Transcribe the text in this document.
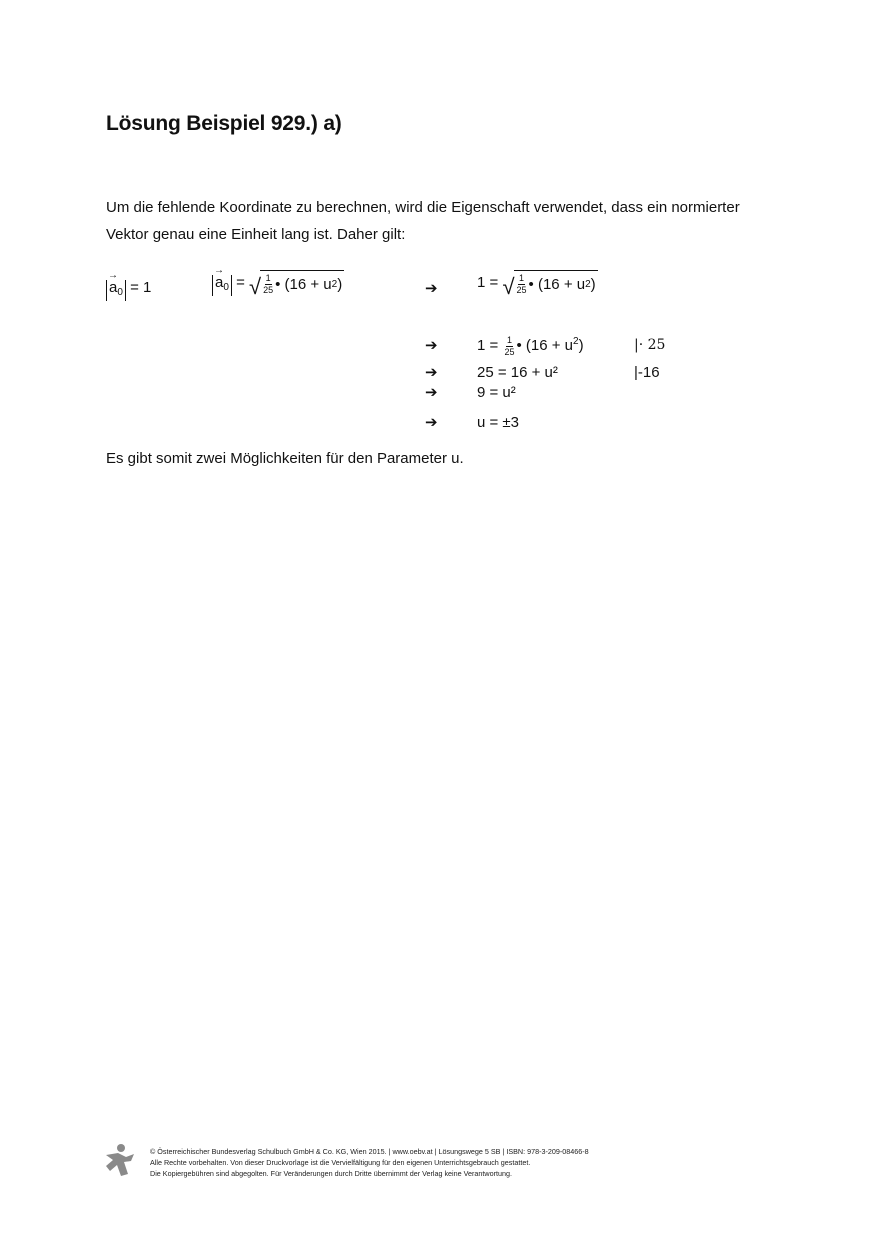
Lösung Beispiel 929.) a)
Um die fehlende Koordinate zu berechnen, wird die Eigenschaft verwendet, dass ein normierter Vektor genau eine Einheit lang ist. Daher gilt:
→
$a_0 = 1$
→
$a_0$ = √ $\frac{1}{25}$ • (16 + u 2 )	➔	1 = √ $\frac{1}{25}$ • (16 + u 2 )
➔	$1 = \frac{1}{25}$ • $(16 + u^2)$	|· 25
➔	25 = 16 + u²	|-16
➔	9 = u²
➔	u = ±3
Es gibt somit zwei Möglichkeiten für den Parameter u.
© Österreichischer Bundesverlag Schulbuch GmbH & Co. KG, Wien 2015. | www.oebv.at | Lösungswege 5 SB | ISBN: 978-3-209-08466-8
Alle Rechte vorbehalten. Von dieser Druckvorlage ist die Vervielfältigung für den eigenen Unterrichtsgebrauch gestattet.
Die Kopiergebühren sind abgegolten. Für Veränderungen durch Dritte übernimmt der Verlag keine Verantwortung.
